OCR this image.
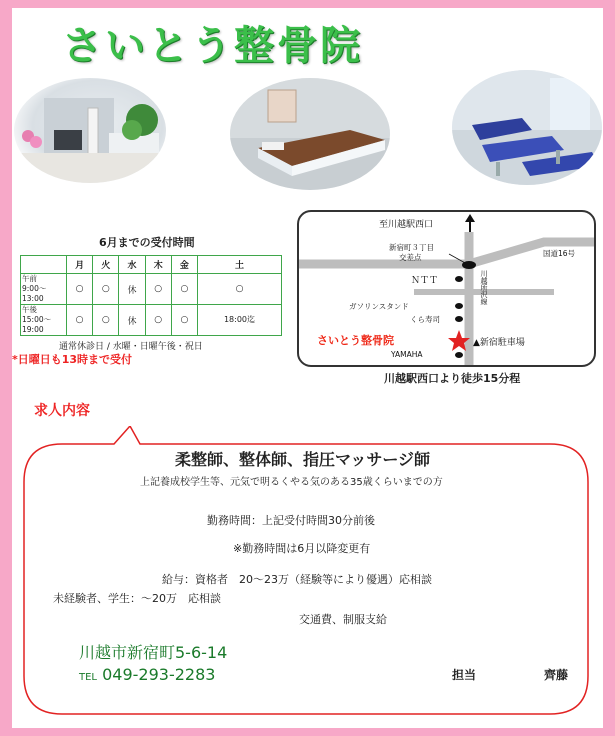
さいとう整骨院
6月までの受付時間
	月	火	水	木	金	土

午前
9:00〜
13:00	○	○	休	○	○	○

午後
15:00〜
19:00	○	○	休	○	○	18:00迄
通常休診日 / 水曜・日曜午後・祝日
*日曜日も13時まで受付
至川越駅西口
新宿町３丁目
交差点	国道16号
ＮＴＴ	川越所沢線
ガソリンスタンド
くら寿司
さいとう整骨院	▲新宿駐車場
YAMAHA
川越駅西口より徒歩15分程
求人内容
柔整師、整体師、指圧マッサージ師
上記養成校学生等、元気で明るくやる気のある35歳くらいまでの方
勤務時間：上記受付時間30分前後
※勤務時間は6月以降変更有
給与：資格者　20〜23万（経験等により優遇）応相談
未経験者、学生：〜20万　応相談
交通費、制服支給
川越市新宿町5-6-14
TEL 049-293-2283	担当	齊藤
